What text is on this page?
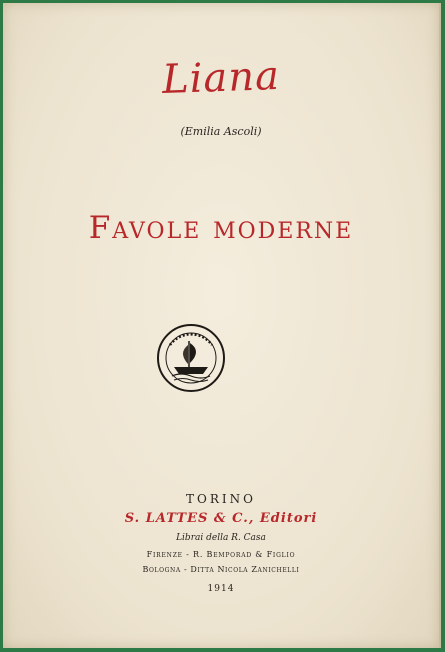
Liana
(Emilia Ascoli)
Favole moderne
TORINO
S. LATTES & C., Editori
Librai della R. Casa
Firenze - R. Bemporad & Figlio
Bologna - Ditta Nicola Zanichelli
1914
